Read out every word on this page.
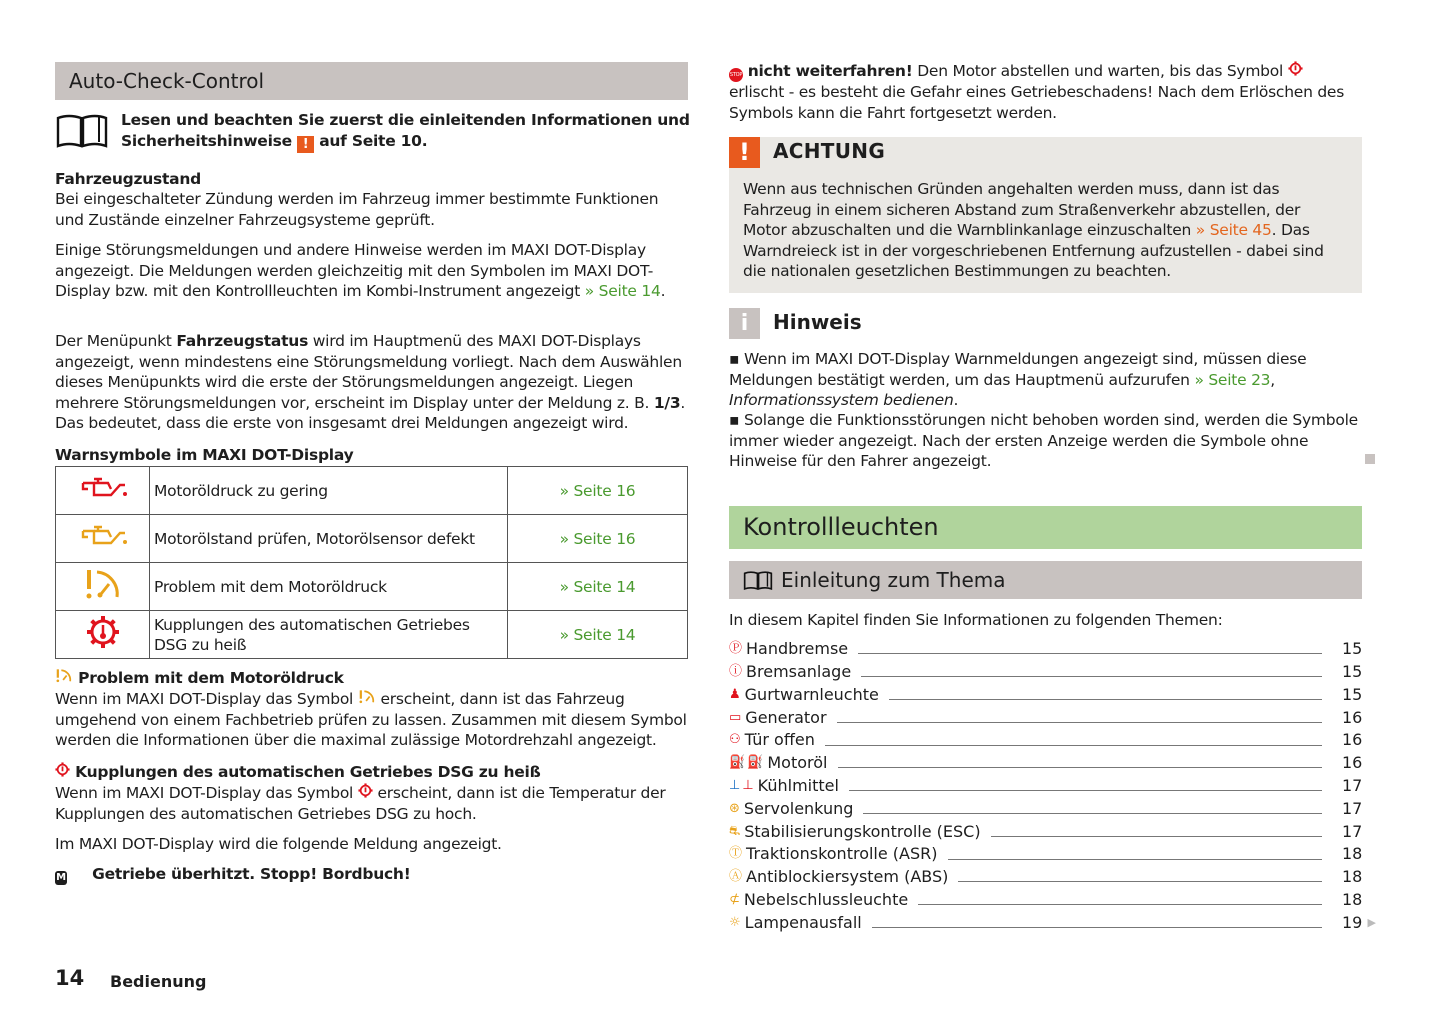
Auto-Check-Control
Lesen und beachten Sie zuerst die einleitenden Informationen und Sicherheitshinweise ! auf Seite 10.
Fahrzeugzustand
Bei eingeschalteter Zündung werden im Fahrzeug immer bestimmte Funktionen und Zustände einzelner Fahrzeugsysteme geprüft.
Einige Störungsmeldungen und andere Hinweise werden im MAXI DOT-Display angezeigt. Die Meldungen werden gleichzeitig mit den Symbolen im MAXI DOT-Display bzw. mit den Kontrollleuchten im Kombi-Instrument angezeigt » Seite 14.
Der Menüpunkt Fahrzeugstatus wird im Hauptmenü des MAXI DOT-Displays angezeigt, wenn mindestens eine Störungsmeldung vorliegt. Nach dem Auswählen dieses Menüpunkts wird die erste der Störungsmeldungen angezeigt. Liegen mehrere Störungsmeldungen vor, erscheint im Display unter der Meldung z. B. 1/3. Das bedeutet, dass die erste von insgesamt drei Meldungen angezeigt wird.
Warnsymbole im MAXI DOT-Display
	Motoröldruck zu gering	» Seite 16

Motorölstand prüfen, Motorölsensor defekt	» Seite 16
	Problem mit dem Motoröldruck	» Seite 14

Kupplungen des automatischen Getriebes DSG zu heiß	» Seite 14
Problem mit dem Motoröldruck
Wenn im MAXI DOT-Display das Symbol erscheint, dann ist das Fahrzeug umgehend von einem Fachbetrieb prüfen zu lassen. Zusammen mit diesem Symbol werden die Informationen über die maximal zulässige Motordrehzahl angezeigt.
Kupplungen des automatischen Getriebes DSG zu heiß
Wenn im MAXI DOT-Display das Symbol erscheint, dann ist die Temperatur der Kupplungen des automatischen Getriebes DSG zu hoch.
Im MAXI DOT-Display wird die folgende Meldung angezeigt.
M Getriebe überhitzt. Stopp! Bordbuch!
STOP nicht weiterfahren! Den Motor abstellen und warten, bis das Symbol  erlischt - es besteht die Gefahr eines Getriebeschadens! Nach dem Erlöschen des Symbols kann die Fahrt fortgesetzt werden.
!	ACHTUNG
Wenn aus technischen Gründen angehalten werden muss, dann ist das Fahrzeug in einem sicheren Abstand zum Straßenverkehr abzustellen, der Motor abzuschalten und die Warnblinkanlage einzuschalten » Seite 45. Das Warndreieck ist in der vorgeschriebenen Entfernung aufzustellen - dabei sind die nationalen gesetzlichen Bestimmungen zu beachten.
i	Hinweis
▪ Wenn im MAXI DOT-Display Warnmeldungen angezeigt sind, müssen diese Meldungen bestätigt werden, um das Hauptmenü aufzurufen » Seite 23, Informationssystem bedienen.
▪ Solange die Funktionsstörungen nicht behoben worden sind, werden die Symbole immer wieder angezeigt. Nach der ersten Anzeige werden die Symbole ohne Hinweise für den Fahrer angezeigt.
Kontrollleuchten
Einleitung zum Thema
In diesem Kapitel finden Sie Informationen zu folgenden Themen:
Ⓟ Handbremse	15
ⓘ Bremsanlage	15
♟ Gurtwarnleuchte	15
▭ Generator	16
⚇ Tür offen	16
⛽ ⛽ Motoröl	16
⊥ ⊥ Kühlmittel	17
⊛ Servolenkung	17
⛐ Stabilisierungskontrolle (ESC)	17
Ⓣ Traktionskontrolle (ASR)	18
Ⓐ Antiblockiersystem (ABS)	18
⊄ Nebelschlussleuchte	18
☼ Lampenausfall	19 ▶
14 Bedienung
